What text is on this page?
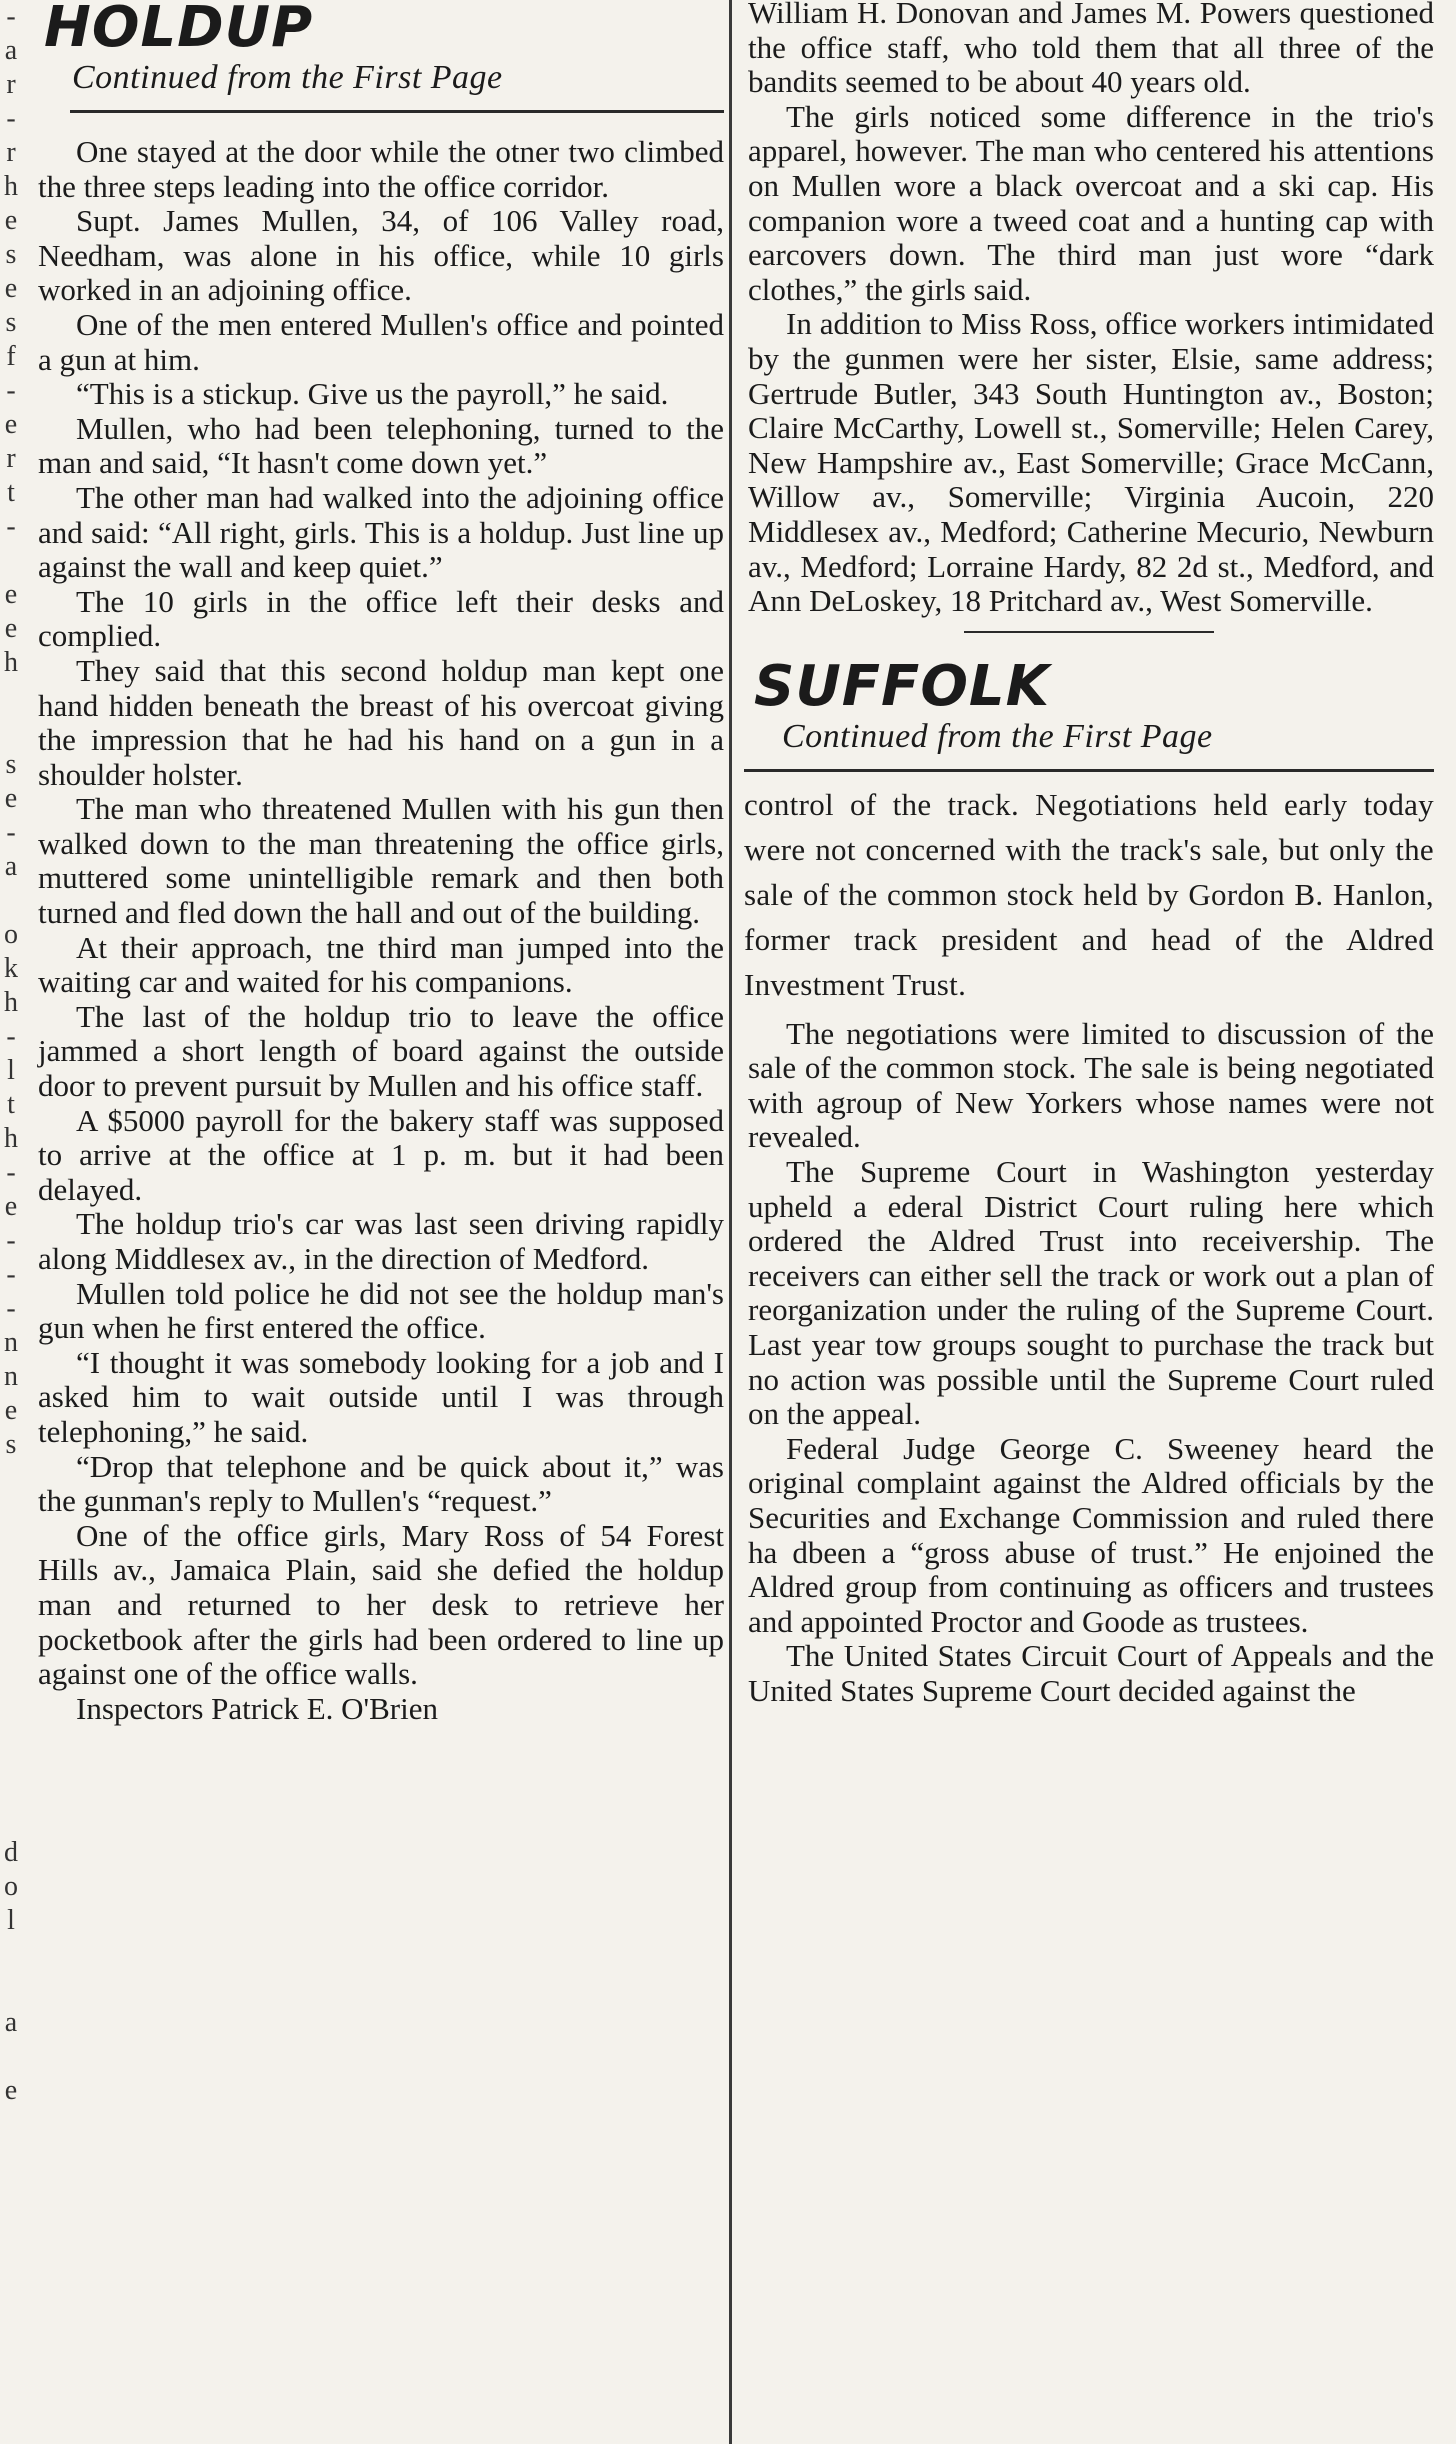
-
a
r
-
r
h
e
s
e
s
f
-
e
r
t
-

e
e
h

s
e
-
a

o
k
h
-
l
t
h
-
e
-
-
-
n
n
e
s

d
o
l

a

e

HOLDUP
Continued from the First Page

One stayed at the door while the otner two climbed the three steps leading into the office corridor.

Supt. James Mullen, 34, of 106 Valley road, Needham, was alone in his office, while 10 girls worked in an adjoining office.

One of the men entered Mullen's office and pointed a gun at him.

“This is a stickup. Give us the payroll,” he said.

Mullen, who had been telephoning, turned to the man and said, “It hasn't come down yet.”

The other man had walked into the adjoining office and said: “All right, girls. This is a holdup. Just line up against the wall and keep quiet.”

The 10 girls in the office left their desks and complied.

They said that this second holdup man kept one hand hidden beneath the breast of his overcoat giving the impression that he had his hand on a gun in a shoulder holster.

The man who threatened Mullen with his gun then walked down to the man threatening the office girls, muttered some unintelligible remark and then both turned and fled down the hall and out of the building.

At their approach, tne third man jumped into the waiting car and waited for his companions.

The last of the holdup trio to leave the office jammed a short length of board against the outside door to prevent pursuit by Mullen and his office staff.

A $5000 payroll for the bakery staff was supposed to arrive at the office at 1 p. m. but it had been delayed.

The holdup trio's car was last seen driving rapidly along Middlesex av., in the direction of Medford.

Mullen told police he did not see the holdup man's gun when he first entered the office.

“I thought it was somebody looking for a job and I asked him to wait outside until I was through telephoning,” he said.

“Drop that telephone and be quick about it,” was the gunman's reply to Mullen's “request.”

One of the office girls, Mary Ross of 54 Forest Hills av., Jamaica Plain, said she defied the holdup man and returned to her desk to retrieve her pocketbook after the girls had been ordered to line up against one of the office walls.

Inspectors Patrick E. O'Brien

William H. Donovan and James M. Powers questioned the office staff, who told them that all three of the bandits seemed to be about 40 years old.

The girls noticed some difference in the trio's apparel, however. The man who centered his attentions on Mullen wore a black overcoat and a ski cap. His companion wore a tweed coat and a hunting cap with earcovers down. The third man just wore “dark clothes,” the girls said.

In addition to Miss Ross, office workers intimidated by the gunmen were her sister, Elsie, same address; Gertrude Butler, 343 South Huntington av., Boston; Claire McCarthy, Lowell st., Somerville; Helen Carey, New Hampshire av., East Somerville; Grace McCann, Willow av., Somerville; Virginia Aucoin, 220 Middlesex av., Medford; Catherine Mecurio, Newburn av., Medford; Lorraine Hardy, 82 2d st., Medford, and Ann DeLoskey, 18 Pritchard av., West Somerville.

SUFFOLK
Continued from the First Page

control of the track. Negotiations held early today were not concerned with the track's sale, but only the sale of the common stock held by Gordon B. Hanlon, former track president and head of the Aldred Investment Trust.

The negotiations were limited to discussion of the sale of the common stock. The sale is being negotiated with agroup of New Yorkers whose names were not revealed.

The Supreme Court in Washington yesterday upheld a ederal District Court ruling here which ordered the Aldred Trust into receivership. The receivers can either sell the track or work out a plan of reorganization under the ruling of the Supreme Court. Last year tow groups sought to purchase the track but no action was possible until the Supreme Court ruled on the appeal.

Federal Judge George C. Sweeney heard the original complaint against the Aldred officials by the Securities and Exchange Commission and ruled there ha dbeen a “gross abuse of trust.” He enjoined the Aldred group from continuing as officers and trustees and appointed Proctor and Goode as trustees.

The United States Circuit Court of Appeals and the United States Supreme Court decided against the
